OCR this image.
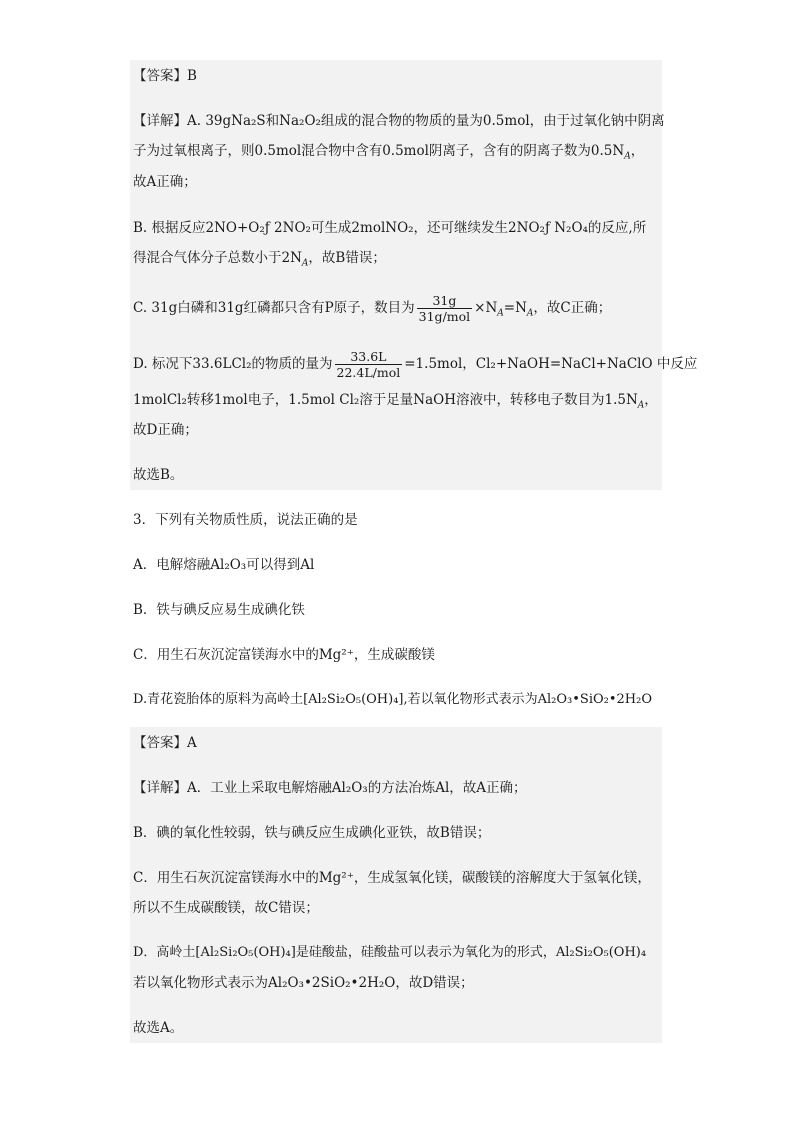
【答案】B
【详解】A. 39gNa₂S和Na₂O₂组成的混合物的物质的量为0.5mol，由于过氧化钠中阴离
子为过氧根离子，则0.5mol混合物中含有0.5mol阴离子，含有的阴离子数为$0.5N_A$，
故A正确；
B. 根据反应2NO+O₂ƒ 2NO₂可生成2molNO₂，还可继续发生2NO₂ƒ N₂O₄的反应,所
得混合气体分子总数小于$2N_A$，故B错误；
C. 31g白磷和31g红磷都只含有P原子，数目为 $\frac{31g}{\text{31g/mol}} \times N_A=N_A$，故C正确；
D. 标况下33.6LCl₂的物质的量为 $\frac{33.6L}{\text{22.4L/mol}} =1.5mol$，Cl₂+NaOH=NaCl+NaClO 中反应
1molCl₂转移1mol电子，1.5mol Cl₂溶于足量NaOH溶液中，转移电子数目为$1.5N_A$，
故D正确；
故选B。
3．下列有关物质性质，说法正确的是
A．电解熔融Al₂O₃可以得到Al
B．铁与碘反应易生成碘化铁
C．用生石灰沉淀富镁海水中的Mg²⁺，生成碳酸镁
D.青花瓷胎体的原料为高岭土[Al₂Si₂O₅(OH)₄],若以氧化物形式表示为Al₂O₃•SiO₂•2H₂O
【答案】A
【详解】A．工业上采取电解熔融Al₂O₃的方法冶炼Al，故A正确；
B．碘的氧化性较弱，铁与碘反应生成碘化亚铁，故B错误；
C．用生石灰沉淀富镁海水中的Mg²⁺，生成氢氧化镁，碳酸镁的溶解度大于氢氧化镁，
所以不生成碳酸镁，故C错误；
D．高岭土[Al₂Si₂O₅(OH)₄]是硅酸盐，硅酸盐可以表示为氧化为的形式，Al₂Si₂O₅(OH)₄
若以氧化物形式表示为Al₂O₃•2SiO₂•2H₂O，故D错误；
故选A。
